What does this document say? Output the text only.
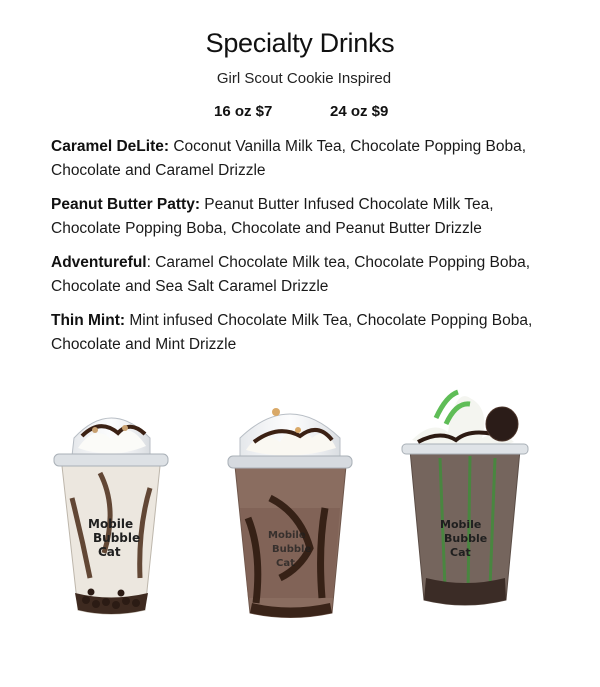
Specialty Drinks
Girl Scout Cookie Inspired
16 oz $7	24 oz $9

Caramel DeLite: Coconut Vanilla Milk Tea, Chocolate Popping Boba, Chocolate and Caramel Drizzle

Peanut Butter Patty: Peanut Butter Infused Chocolate Milk Tea, Chocolate Popping Boba, Chocolate and Peanut Butter Drizzle

Adventureful: Caramel Chocolate Milk tea, Chocolate Popping Boba, Chocolate and Sea Salt Caramel Drizzle

Thin Mint: Mint infused Chocolate Milk Tea, Chocolate Popping Boba, Chocolate and Mint Drizzle

Mobile
Bubble
Cat
Mobile
Bubble
Cat
Mobile
Bubble
Cat
